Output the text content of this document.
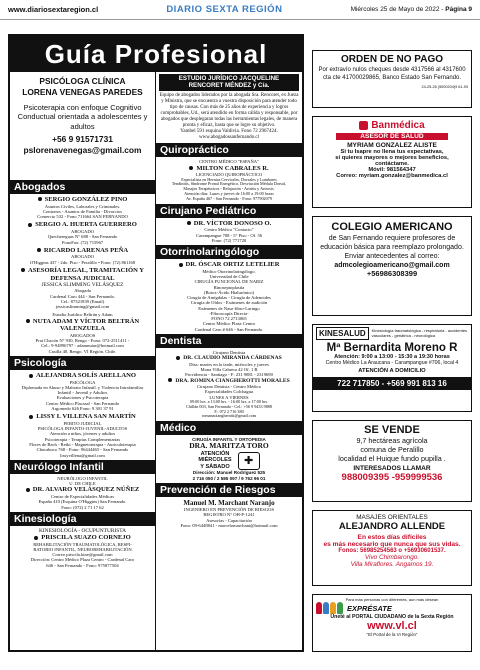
www.diariosextaregion.cl	DIARIO SEXTA REGIÓN	Miércoles 25 de Mayo de 2022 - Página 9
Guía Profesional
PSICÓLOGA CLÍNICA
LORENA VENEGAS PAREDES
Psicoterapia con enfoque Cognitivo Conductual orientada a adolescentes y adultos
+56 9 91571731
pslorenavenegas@gmail.com
Abogados
SERGIO GONZÁLEZ PINO
Asuntos Civiles, Laborales y Criminales.
Contratos - Asuntos de Familia - Divorcios
Comercio 532 - Fono 711664 SAN FERNANDO
SERGIO A. HUERTA GUERRERO
ABOGADO
Quechereguas N° 688 - San Fernando
FonoFax: (72) 715967
RICARDO LARENAS PEÑA
ABOGADO
O'Higgins 437 - 2do. Piso - Peralillo • Fono: (72) 861168
ASESORÍA LEGAL, TRAMITACIÓN Y DEFENSA JUDICIAL
JESSICA SLIMMING VELÁSQUEZ
Abogada
Cardenal Caro 444 - San Fernando.
Cel.: 87321839 (Email)
jessicaslimming@gmail.com
Estudio Jurídico Beltrán y Adam
NUTA ADAM Y VÍCTOR BELTRÁN VALENZUELA
ABOGADOS
Prat Chacón N° 930, Rengo - Fono: 072-2511411 -
Cel.: 9-94896797 - adamnutar@hotmail.com
Casilla 40. Rengo. VI Región. Chile.
Psicología
ALEJANDRA SOLÍS ARELLANO
PSICÓLOGA
Diplomada en Abuso y Maltrato Infantil. y Violencia Intrafamiliar
Infantil - Juvenil y Adultos
Evaluaciones y Psicoterapia
Centro Médico Placasal - San Fernando
Argomedo 626 Fono: 9 301 37 91
LISSY I. VILLENA SAN MARTÍN
PERITO JUDICIAL
PSICÓLOGA INFANTO-JUVENIL-ADULTOS
Atención a niños, jóvenes y adultos
Psicoterapia - Terapias Complementarias
Flores de Bach - Reiki - Magnetoterapia - Auriculoterapia
Chacabuco 768 - Fono: 96444465 - San Fernando
lissyvillena@gmail.com
Neurólogo Infantil
NEURÓLOGO INFANTIL
U. DE CHILE
DR. ALVARO VELÁSQUEZ NÚÑEZ
Centro de Especialidades Médicas
Espaňa 410 (Esquina O'Higgins) San Fernando.
Fono: (072) 2 71 17 62
Kinesiología
KINESIOLOGÍA - OCUPUNTURISTA
PRISCILA SUAZO CORNEJO
REHABILITACIÓN TRAUMATOLÓGICA, RESPI-
RATORIO INFANTIL, NEUROREHABILITACIÓN
Correo priscila.kine@gmail.com
Dirección: Centro Médico Plaza Centro - Cardenal Caro
646 - San Fernando - Fono: 975877504
ESTUDIO JURÍDICO JACQUELINE
RENCORET MÉNDEZ y Cía.
Equipo de abogados liderados por la abogada Sra. Rencoret, ex Jueza y Ministra, que se encuentra a vuestra disposición para atender todo tipo de causas. Con más de 25 años de experiencia y logros comprobables, Ud., será atendido en forma cálida y responsable, por abogados que desplegaran todas las herramientas legales, de manera pronta y eficaz, hasta que se logre su objetivo.
Yambel 591 esquina Valdivia. Fono 72 2967424.
www.abogadossanfernando.cl
Quiropráctico
CENTRO MÉDICO "ESPAÑA"
MILTON CABRALES R.
LICENCIADO QUIROPRÁCTICO
Especialista en Hernias Cervicales, Dorsales y Lumbares
Tendinitis, Síndrome Pronal Energético, Desviación Médula Dorsal,
Masajes Terapéuticos - Relajación - Artritis y Artrosis.
Atención días: Lunes y jueves de 16:00 a 19:00 horas
Av. España 467 - San Fernando - Fono: 977902079
Cirujano Pediátrico
DR. VÍCTOR DONOSO O.
Centro Médico "Contacto"
Carampangue 708 - 5° Piso - Of. 56
Fono: (72) 771720
Otorrinolaringólogo
DR. ÓSCAR ORTIZ LETELIER
Médico Otorrinolaringólogo.
Universidad de Chile
CIRUGÍA FUNCIONAL DE NARIZ
Rinoseptoplastía
(Botox-Ácido Hialurónico)
Cirugía de Amígdalas - Cirugía de Adenoides
Cirugía de Oídos - Exámenes de audición
Exámenes de Naso-fibro-Laringo
-Fibroscopía Directa-
FONO 72 2713065
Centro Médico Plaza Centro
Cardenal Caro # 646 - San Fernando.
Dentista
Cirujano Dentista
DR. CLAUDIO MIRANDA CÁRDENAS
Días: martes en la tarde, miércoles y jueves
Mona Villa Cabrera 42 Of. 1 B
Providencia - Santiago - F: 231 9881 - 2319690
DRA. ROMINA CIANGHEROTTI MORALES
Cirujano Dentista - Centro Médico
Especialidades Colchagua
LUNES A VIERNES
09:00 hrs. a 13:00 hrs. - 16:00 hrs. a 17:00 hrs.
Chillán 003, San Fernando - Cel.: +56 9 9433 9888
F.: 072 2 716 380
romanaciangherotti@gmail.com
Médico
CIRUGÍA INFANTIL Y ORTOPEDIA
DRA. MARITZA TORO
ATENCIÓN
MIÉRCOLES
Y SÁBADO	✚
Dirección: Manuel Rodríguez 525
2 716 050 / 2 585 097 / 9 762 96 01
Prevención de Riesgos
Manuel M. Marchant Naranjo
INGENIERO EN PREVENCIÓN DE RIESGOS
REGISTRO N° OH-P-1241
Asesorías - Capacitación
Fono: 09-6448841 - marcelomarchant@hotmail.com
ORDEN DE NO PAGO
Por extravío nulos cheques desde 4317566 al 4317600 cta cte 41700029865, Banco Estado San Fernando.
24-25-26 (5000204)9 61-93
Banmédica
ASESOR DE SALUD
MYRIAM GONZALEZ ALISTE
Si tu Isapre no llena tus expectativas,
si quieres mayores o mejores beneficios,
contáctame.
Móvil: 981564347
Correo: myriam.gonzalez@banmedica.cl
COLEGIO AMERICANO
de San Fernando requiere profesores de educación básica para reemplazo prolongado. Enviar antecedentes al correo:
admcolegioamericano@gmail.com
+56986308399
KINESALUD	Kinesiología traumatológica - respiratoria - accidentes vasculares - geriátrica - neurológica
Mª Bernardita Moreno R
Atención: 9:00 a 13:00 - 15:30 a 19:30 horas
Centro Médico La Araucana - Carampangue #706, local 4
ATENCIÓN A DOMICILIO
722 717850 - +569 991 813 16
SE VENDE
9,7 hectáreas agrícola
comuna de Peralillo
localidad el Huique fundo pupilla .
INTERESADOS LLAMAR
988009395 -959999536
MASAJES ORIENTALES
ALEJANDRO ALLENDE
En estos días difíciles
es más necesario que nunca que sus vidas.
Fonos: 56985254563 o +56930601537.
Vivo Chimbarongo.
Villa Miraflores. Angamos 19.
Para más personas con diferentes, aun más desean
EXPRÉSATE
Úneté al PORTAL CIUDADANO de la Sexta Región
www.vl.cl
"El Portal de la VI Región"
